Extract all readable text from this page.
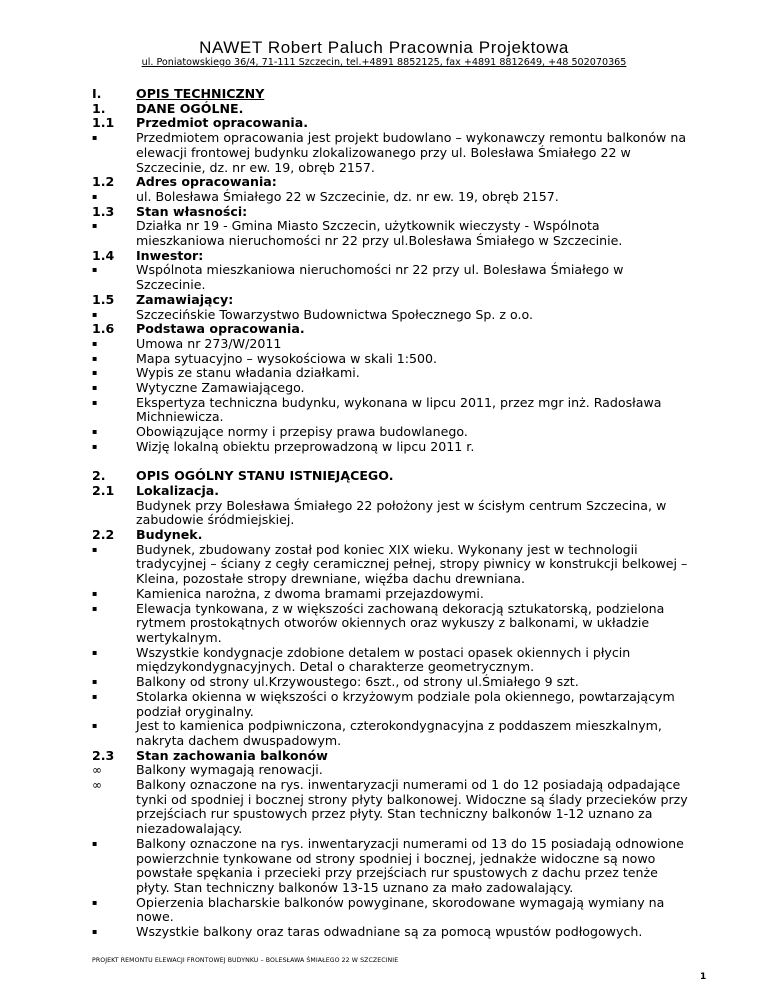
NAWET Robert Paluch Pracownia Projektowa
ul. Poniatowskiego 36/4, 71-111 Szczecin, tel.+4891 8852125, fax +4891 8812649, +48 502070365
I.	OPIS TECHNICZNY
1.	DANE OGÓLNE.
1.1	Przedmiot opracowania.
▪	Przedmiotem opracowania jest projekt budowlano – wykonawczy remontu balkonów na elewacji frontowej budynku zlokalizowanego przy ul. Bolesława Śmiałego 22 w Szczecinie, dz. nr ew. 19, obręb 2157.
1.2	Adres opracowania:
▪	ul. Bolesława Śmiałego 22 w Szczecinie, dz. nr ew. 19, obręb 2157.
1.3	Stan własności:
▪	Działka nr 19 - Gmina Miasto Szczecin, użytkownik wieczysty - Wspólnota mieszkaniowa nieruchomości nr 22 przy ul.Bolesława Śmiałego w Szczecinie.
1.4	Inwestor:
▪	Wspólnota mieszkaniowa nieruchomości nr 22 przy ul. Bolesława Śmiałego w Szczecinie.
1.5	Zamawiający:
▪	Szczecińskie Towarzystwo Budownictwa Społecznego Sp. z o.o.
1.6	Podstawa opracowania.
▪	Umowa nr 273/W/2011
▪	Mapa sytuacyjno – wysokościowa w skali 1:500.
▪	Wypis ze stanu władania działkami.
▪	Wytyczne Zamawiającego.
▪	Ekspertyza techniczna budynku, wykonana w lipcu 2011, przez mgr inż. Radosława Michniewicza.
▪	Obowiązujące normy i przepisy prawa budowlanego.
▪	Wizję lokalną obiektu przeprowadzoną w lipcu 2011 r.
2.	OPIS OGÓLNY STANU ISTNIEJĄCEGO.
2.1	Lokalizacja.
Budynek przy Bolesława Śmiałego 22 położony jest w ścisłym centrum Szczecina, w zabudowie śródmiejskiej.
2.2	Budynek.
▪	Budynek, zbudowany został pod koniec XIX wieku. Wykonany jest w technologii tradycyjnej – ściany z cegły ceramicznej pełnej, stropy piwnicy w konstrukcji belkowej – Kleina, pozostałe stropy drewniane, więźba dachu drewniana.
▪	Kamienica narożna, z dwoma bramami przejazdowymi.
▪	Elewacja tynkowana, z w większości zachowaną dekoracją sztukatorską, podzielona rytmem prostokątnych otworów okiennych oraz wykuszy z balkonami, w układzie wertykalnym.
▪	Wszystkie kondygnacje zdobione detalem w postaci opasek okiennych i płycin międzykondygnacyjnych. Detal o charakterze geometrycznym.
▪	Balkony od strony ul.Krzywoustego: 6szt., od strony ul.Śmiałego 9 szt.
▪	Stolarka okienna w większości o krzyżowym podziale pola okiennego, powtarzającym podział oryginalny.
▪	Jest to kamienica podpiwniczona, czterokondygnacyjna z poddaszem mieszkalnym, nakryta dachem dwuspadowym.
2.3	Stan zachowania balkonów
∞	Balkony wymagają renowacji.
∞	Balkony oznaczone na rys. inwentaryzacji numerami od 1 do 12 posiadają odpadające tynki od spodniej i bocznej strony płyty balkonowej. Widoczne są ślady przecieków przy przejściach rur spustowych przez płyty. Stan techniczny balkonów 1-12 uznano za niezadowalający.
▪	Balkony oznaczone na rys. inwentaryzacji numerami od 13 do 15 posiadają odnowione powierzchnie tynkowane od strony spodniej i bocznej, jednakże widoczne są nowo powstałe spękania i przecieki przy przejściach rur spustowych z dachu przez tenże płyty. Stan techniczny balkonów 13-15 uznano za mało zadowalający.
▪	Opierzenia blacharskie balkonów powyginane, skorodowane wymagają wymiany na nowe.
▪	Wszystkie balkony oraz taras odwadniane są za pomocą wpustów podłogowych.
PROJEKT REMONTU ELEWACJI FRONTOWEJ BUDYNKU – BOLESŁAWA ŚMIAŁEGO 22 W SZCZECINIE
1
